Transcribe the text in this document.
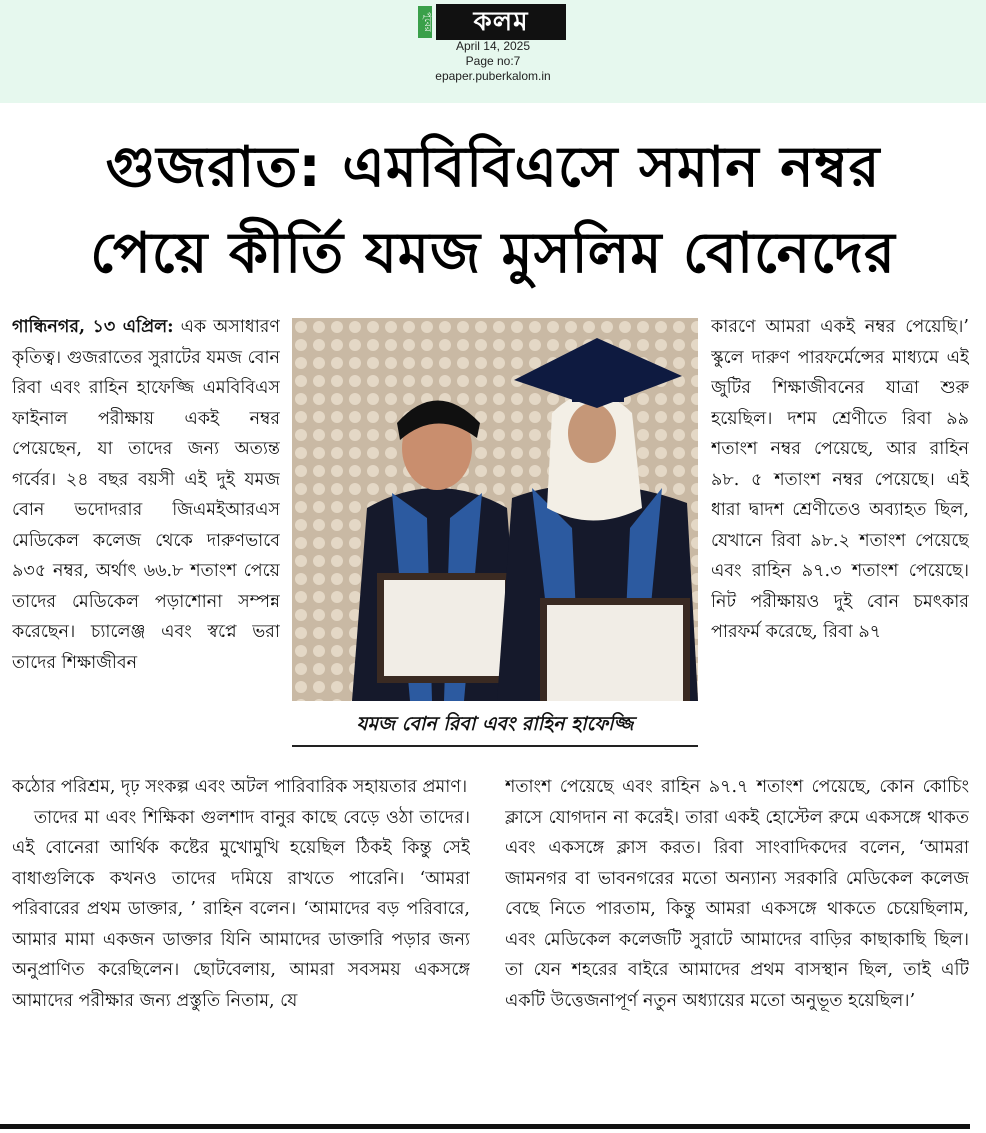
পূবের	কলম
April 14, 2025
Page no:7
epaper.puberkalom.in
গুজরাত: এমবিবিএসে সমান নম্বর
পেয়ে কীর্তি যমজ মুসলিম বোনেদের

গান্ধিনগর, ১৩ এপ্রিল: এক অসাধারণ কৃতিত্ব। গুজরাতের সুরাটের যমজ বোন রিবা এবং রাহিন হাফেজ্জি এমবিবিএস ফাইনাল পরীক্ষায় একই নম্বর পেয়েছেন, যা তাদের জন্য অত্যন্ত গর্বের। ২৪ বছর বয়সী এই দুই যমজ বোন ভদোদরার জিএমইআরএস মেডিকেল কলেজ থেকে দারুণভাবে ৯৩৫ নম্বর, অর্থাৎ ৬৬.৮ শতাংশ পেয়ে তাদের মেডিকেল পড়াশোনা সম্পন্ন করেছেন। চ্যালেঞ্জ এবং স্বপ্নে ভরা তাদের শিক্ষাজীবন

যমজ বোন রিবা এবং রাহিন হাফেজ্জি

কারণে আমরা একই নম্বর পেয়েছি।’ স্কুলে দারুণ পারফর্মেন্সের মাধ্যমে এই জুটির শিক্ষাজীবনের যাত্রা শুরু হয়েছিল। দশম শ্রেণীতে রিবা ৯৯ শতাংশ নম্বর পেয়েছে, আর রাহিন ৯৮. ৫ শতাংশ নম্বর পেয়েছে। এই ধারা দ্বাদশ শ্রেণীতেও অব্যাহত ছিল, যেখানে রিবা ৯৮.২ শতাংশ পেয়েছে এবং রাহিন ৯৭.৩ শতাংশ পেয়েছে। নিট পরীক্ষায়ও দুই বোন চমৎকার পারফর্ম করেছে, রিবা ৯৭

কঠোর পরিশ্রম, দৃঢ় সংকল্প এবং অটল পারিবারিক সহায়তার প্রমাণ।

তাদের মা এবং শিক্ষিকা গুলশাদ বানুর কাছে বেড়ে ওঠা তাদের। এই বোনেরা আর্থিক কষ্টের মুখোমুখি হয়েছিল ঠিকই কিন্তু সেই বাধাগুলিকে কখনও তাদের দমিয়ে রাখতে পারেনি। ‘আমরা পরিবারের প্রথম ডাক্তার, ’ রাহিন বলেন। ‘আমাদের বড় পরিবারে, আমার মামা একজন ডাক্তার যিনি আমাদের ডাক্তারি পড়ার জন্য অনুপ্রাণিত করেছিলেন। ছোটবেলায়, আমরা সবসময় একসঙ্গে আমাদের পরীক্ষার জন্য প্রস্তুতি নিতাম, যে

শতাংশ পেয়েছে এবং রাহিন ৯৭.৭ শতাংশ পেয়েছে, কোন কোচিং ক্লাসে যোগদান না করেই। তারা একই হোস্টেল রুমে একসঙ্গে থাকত এবং একসঙ্গে ক্লাস করত। রিবা সাংবাদিকদের বলেন, ‘আমরা জামনগর বা ভাবনগরের মতো অন্যান্য সরকারি মেডিকেল কলেজ বেছে নিতে পারতাম, কিন্তু আমরা একসঙ্গে থাকতে চেয়েছিলাম, এবং মেডিকেল কলেজটি সুরাটে আমাদের বাড়ির কাছাকাছি ছিল। তা যেন শহরের বাইরে আমাদের প্রথম বাসস্থান ছিল, তাই এটি একটি উত্তেজনাপূর্ণ নতুন অধ্যায়ের মতো অনুভূত হয়েছিল।’
